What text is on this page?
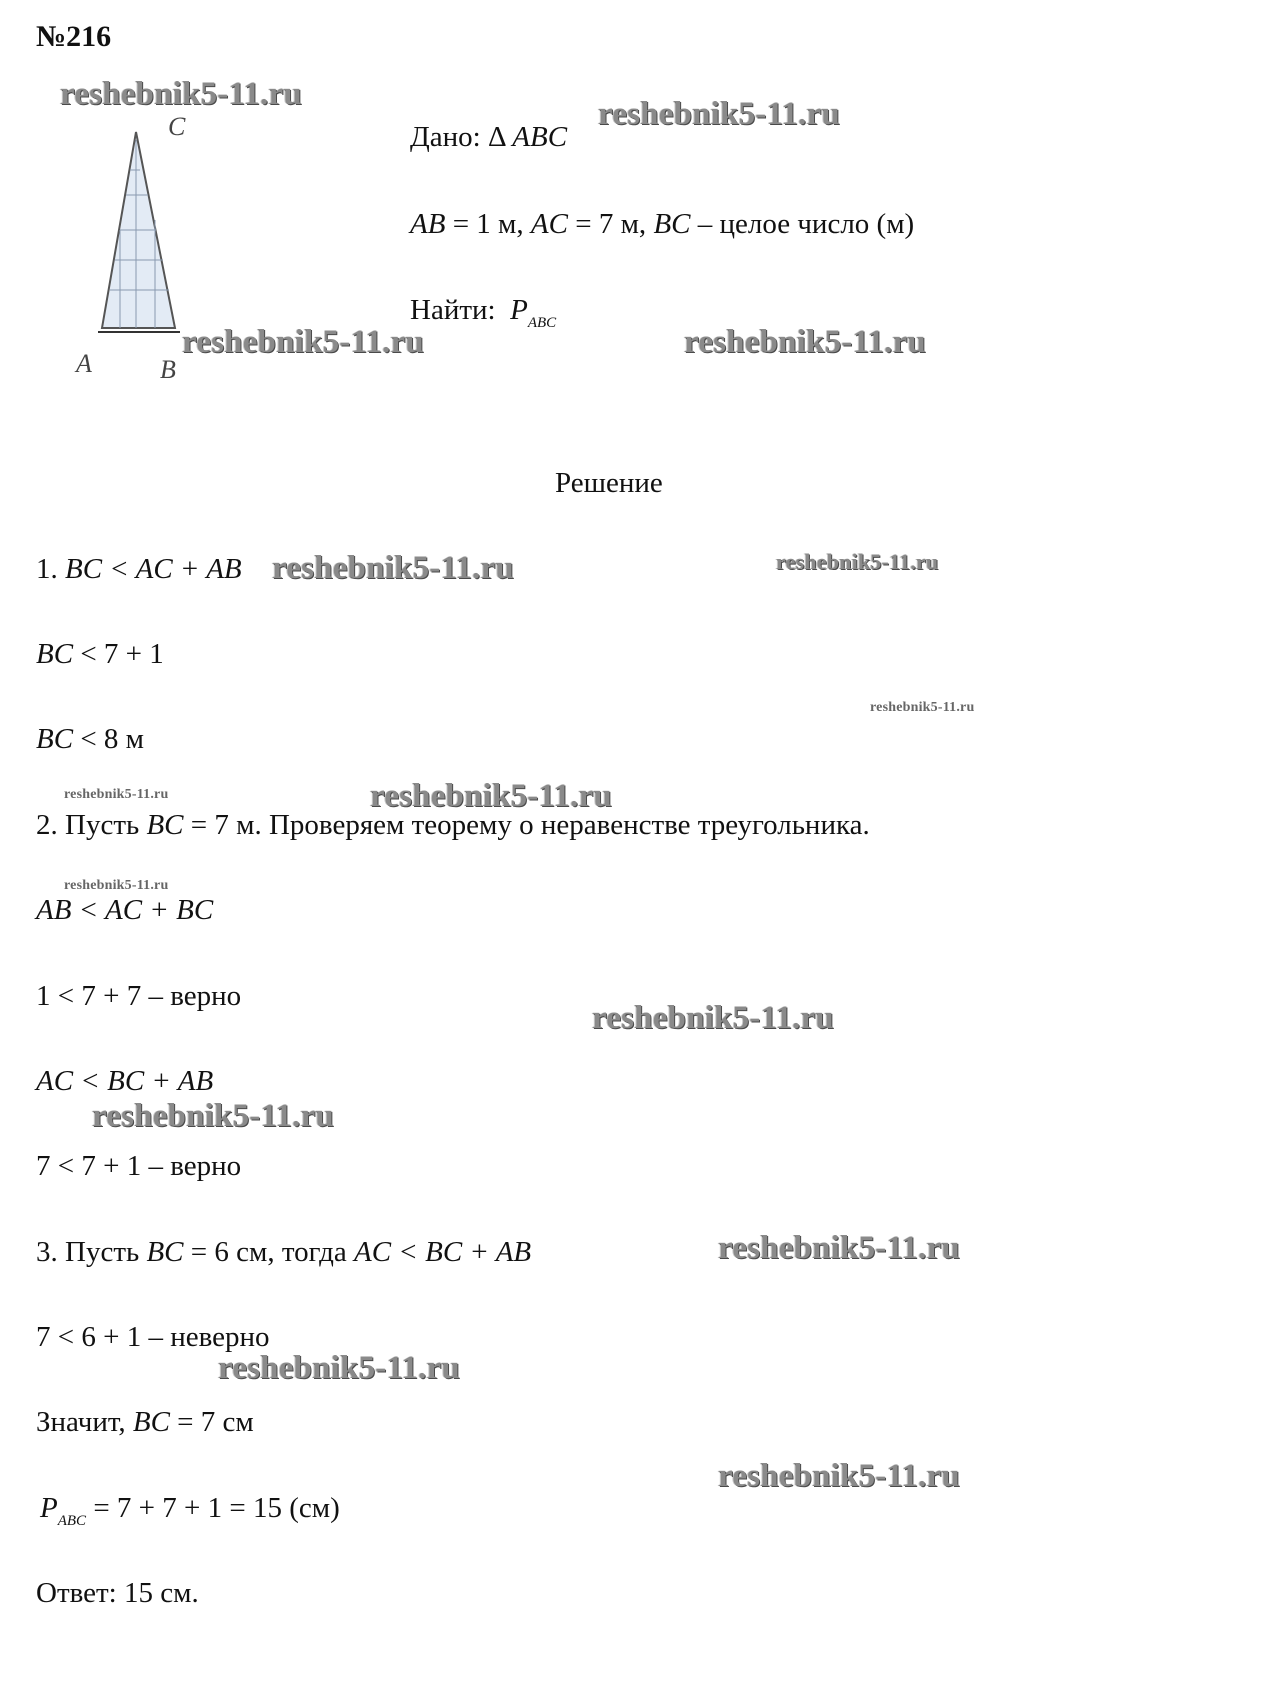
№216
C
A	B
Дано: Δ ABC
AB = 1 м, AC = 7 м, BC – целое число (м)
Найти: $P_{ABC}$
Решение
1. BC < AC + AB
BC < 7 + 1
BC < 8 м
2. Пусть BC = 7 м. Проверяем теорему о неравенстве треугольника.
AB < AC + BC
1 < 7 + 7 – верно
AC < BC + AB
7 < 7 + 1 – верно
3. Пусть BC = 6 см, тогда AC < BC + AB
7 < 6 + 1 – неверно
Значит, BC = 7 см
$P_{ABC} = 7 + 7 + 1 = 15$ (см)
Ответ: 15 см.
reshebnik5-11.ru
reshebnik5-11.ru
reshebnik5-11.ru	reshebnik5-11.ru
reshebnik5-11.ru	reshebnik5-11.ru
reshebnik5-11.ru
reshebnik5-11.ru	reshebnik5-11.ru
reshebnik5-11.ru
reshebnik5-11.ru
reshebnik5-11.ru
reshebnik5-11.ru
reshebnik5-11.ru
reshebnik5-11.ru
